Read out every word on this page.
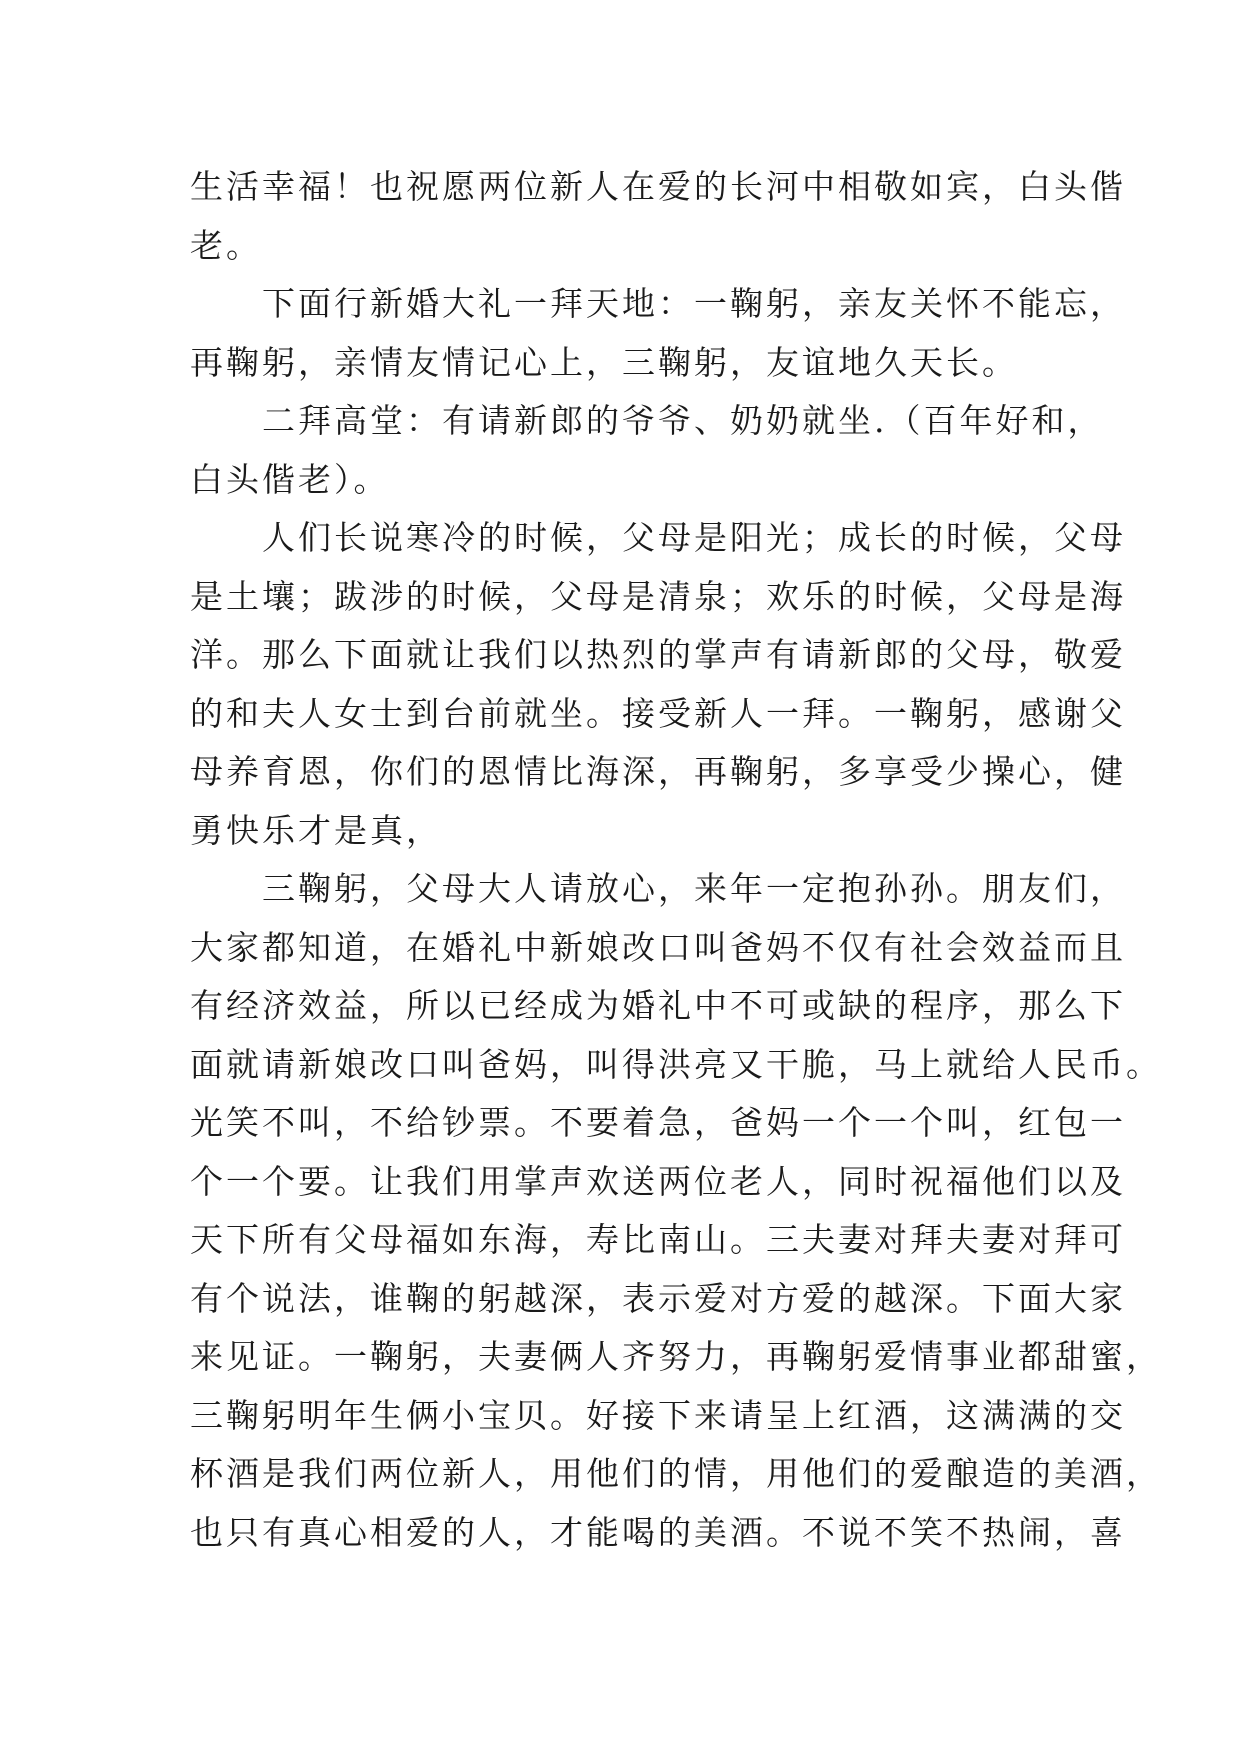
生活幸福！也祝愿两位新人在爱的长河中相敬如宾，白头偕
老。
下面行新婚大礼一拜天地：一鞠躬，亲友关怀不能忘，
再鞠躬，亲情友情记心上，三鞠躬，友谊地久天长。
二拜高堂：有请新郎的爷爷、奶奶就坐.（百年好和，
白头偕老）。
人们长说寒冷的时候，父母是阳光；成长的时候，父母
是土壤；跋涉的时候，父母是清泉；欢乐的时候，父母是海
洋。那么下面就让我们以热烈的掌声有请新郎的父母，敬爱
的和夫人女士到台前就坐。接受新人一拜。一鞠躬，感谢父
母养育恩，你们的恩情比海深，再鞠躬，多享受少操心，健
勇快乐才是真，
三鞠躬，父母大人请放心，来年一定抱孙孙。朋友们，
大家都知道，在婚礼中新娘改口叫爸妈不仅有社会效益而且
有经济效益，所以已经成为婚礼中不可或缺的程序，那么下
面就请新娘改口叫爸妈，叫得洪亮又干脆，马上就给人民币。
光笑不叫，不给钞票。不要着急，爸妈一个一个叫，红包一
个一个要。让我们用掌声欢送两位老人，同时祝福他们以及
天下所有父母福如东海，寿比南山。三夫妻对拜夫妻对拜可
有个说法，谁鞠的躬越深，表示爱对方爱的越深。下面大家
来见证。一鞠躬，夫妻俩人齐努力，再鞠躬爱情事业都甜蜜，
三鞠躬明年生俩小宝贝。好接下来请呈上红酒，这满满的交
杯酒是我们两位新人，用他们的情，用他们的爱酿造的美酒，
也只有真心相爱的人，才能喝的美酒。不说不笑不热闹，喜
